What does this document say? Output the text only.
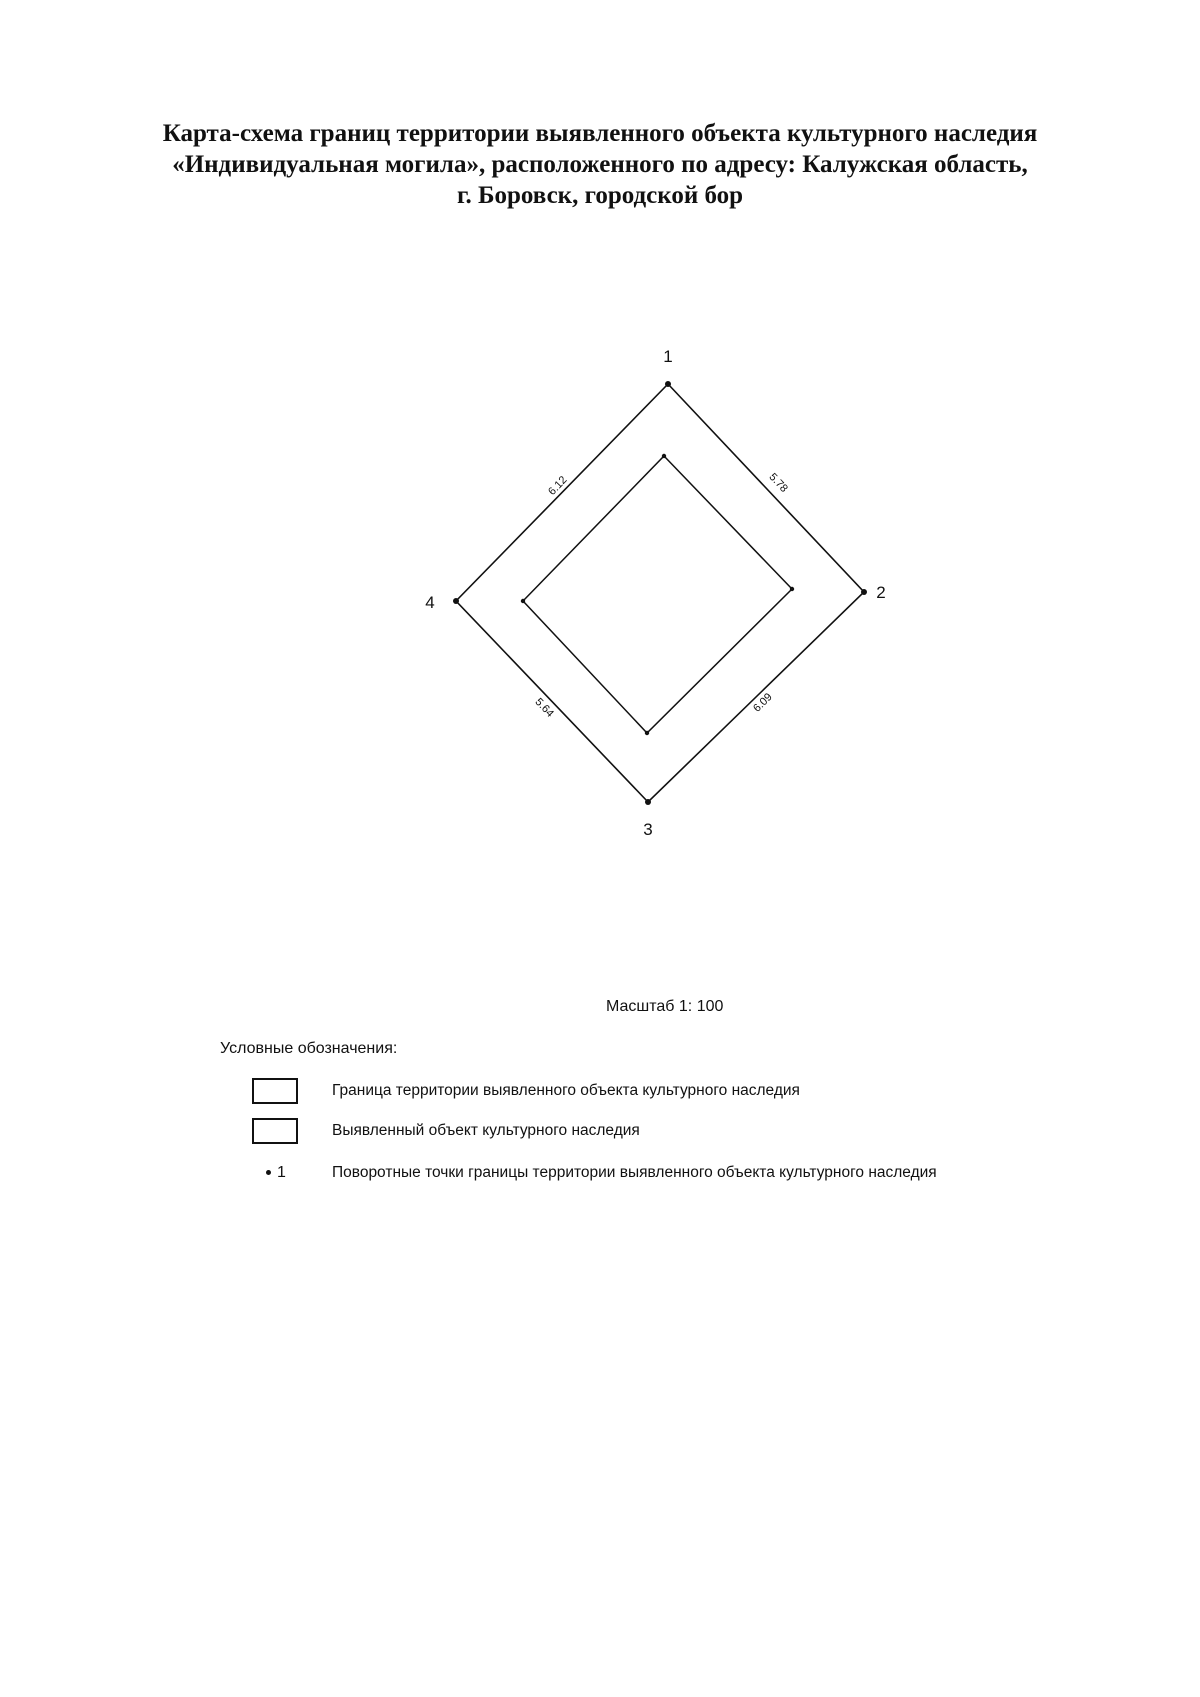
Карта-схема границ территории выявленного объекта культурного наследия
«Индивидуальная могила», расположенного по адресу: Калужская область,
г. Боровск, городской бор
1
2
3
4
5.78
6.09
5.64
6.12
Масштаб 1: 100
Условные обозначения:
Граница территории выявленного объекта культурного наследия
Выявленный объект культурного наследия
1	Поворотные точки границы территории выявленного объекта культурного наследия
